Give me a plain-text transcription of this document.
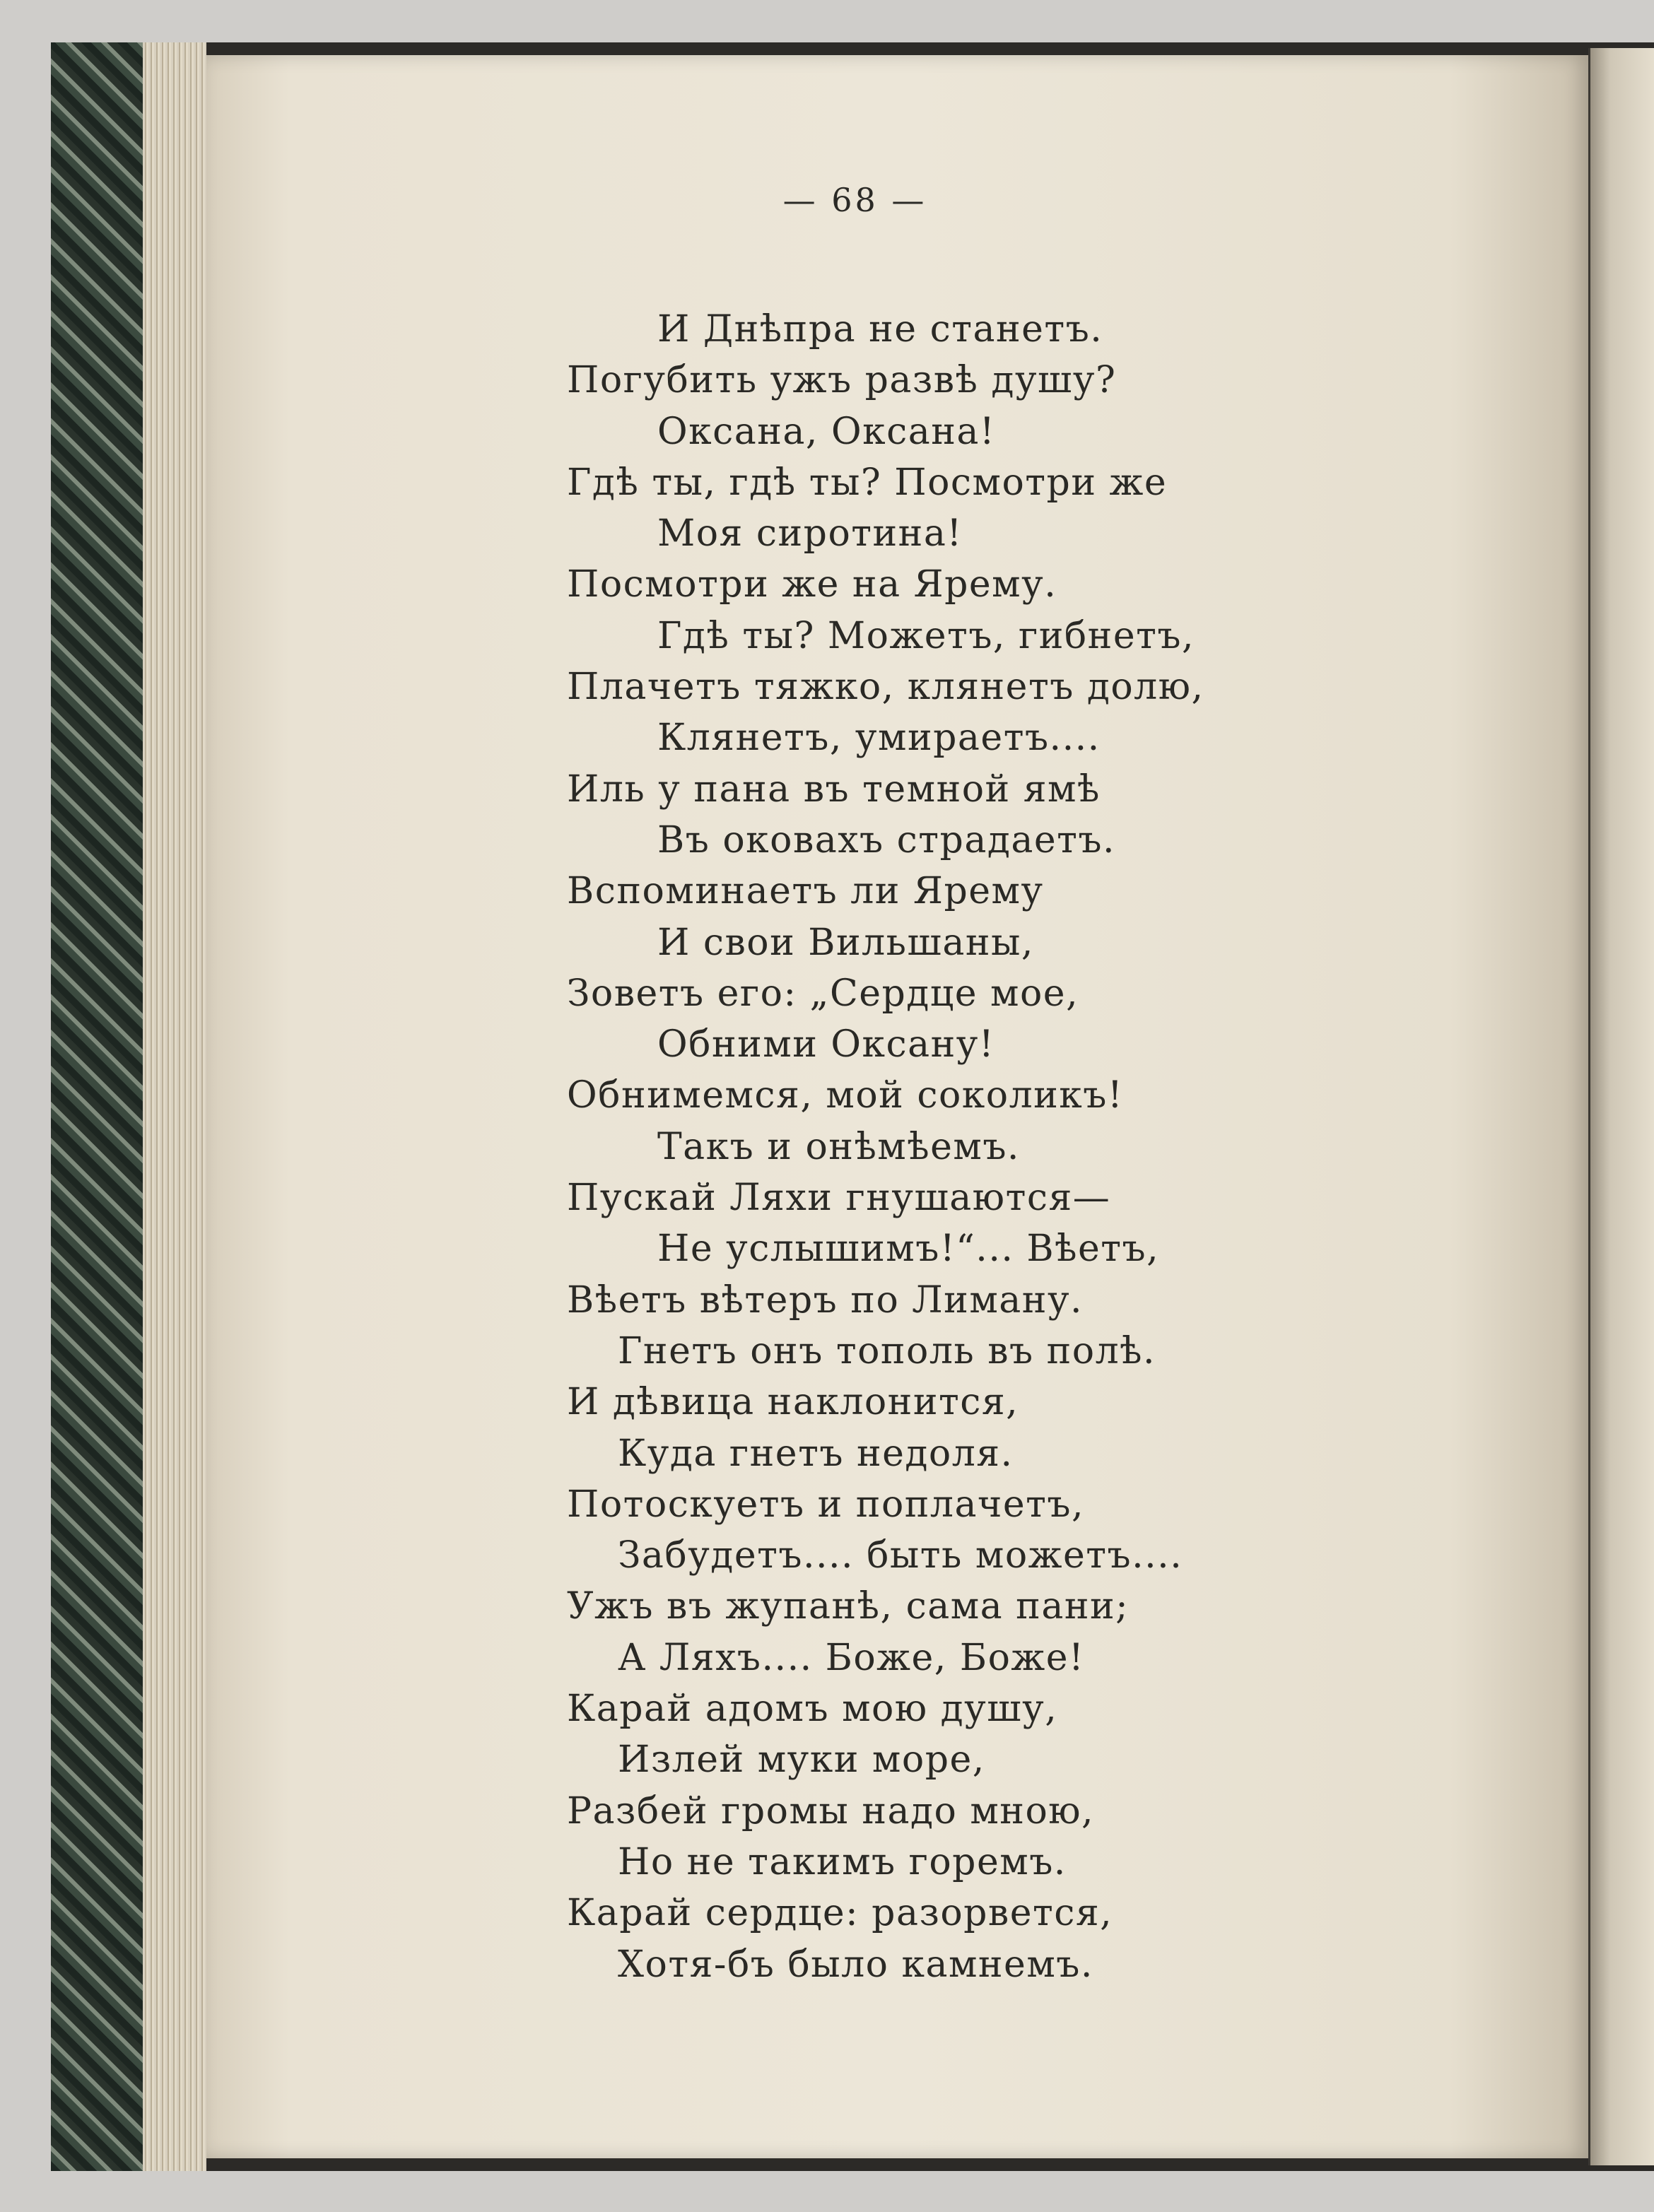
— 68 —
И Днѣпра не станетъ.
Погубить ужъ развѣ душу?
Оксана, Оксана!
Гдѣ ты, гдѣ ты? Посмотри же
Моя сиротина!
Посмотри же на Ярему.
Гдѣ ты? Можетъ, гибнетъ,
Плачетъ тяжко, клянетъ долю,
Клянетъ, умираетъ....
Иль у пана въ темной ямѣ
Въ оковахъ страдаетъ.
Вспоминаетъ ли Ярему
И свои Вильшаны,
Зоветъ его: „Сердце мое,
Обними Оксану!
Обнимемся, мой соколикъ!
Такъ и онѣмѣемъ.
Пускай Ляхи гнушаются—
Не услышимъ!“... Вѣетъ,
Вѣетъ вѣтеръ по Лиману.
Гнетъ онъ тополь въ полѣ.
И дѣвица наклонится,
Куда гнетъ недоля.
Потоскуетъ и поплачетъ,
Забудетъ.... быть можетъ....
Ужъ въ жупанѣ, сама пани;
А Ляхъ.... Боже, Боже!
Карай адомъ мою душу,
Излей муки море,
Разбей громы надо мною,
Но не такимъ горемъ.
Карай сердце: разорвется,
Хотя-бъ было камнемъ.
